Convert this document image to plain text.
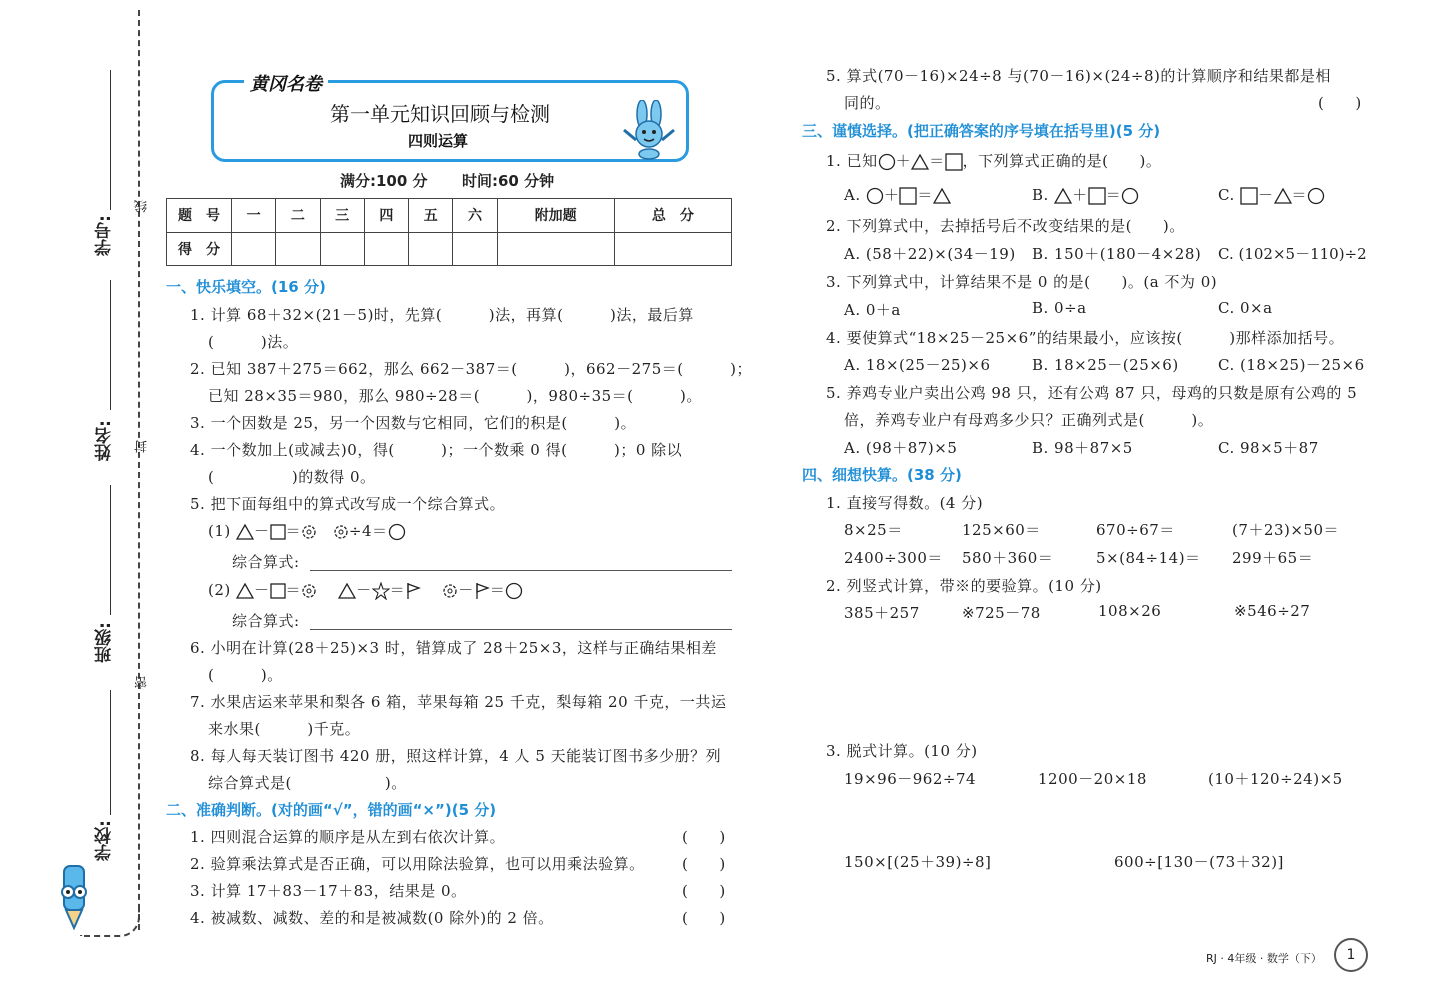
线
封
密
学号:
姓名:
班级:
学校:
黄冈名卷
第一单元知识回顾与检测
四则运算
满分:100 分 时间:60 分钟
题　号	一	二	三	四	五	六	附加题	总　分
得　分								
一、快乐填空。(16 分)
1. 计算 68＋32×(21－5)时，先算(　　　)法，再算(　　　)法，最后算
(　　　)法。
2. 已知 387＋275＝662，那么 662－387＝(　　　)，662－275＝(　　　)；
已知 28×35＝980，那么 980÷28＝(　　　)，980÷35＝(　　　)。
3. 一个因数是 25，另一个因数与它相同，它们的积是(　　　)。
4. 一个数加上(或减去)0，得(　　　)；一个数乘 0 得(　　　)；0 除以
(　　　　　)的数得 0。
5. 把下面每组中的算式改写成一个综合算式。
(1) － ＝	÷4＝
综合算式:
(2) － ＝	－ ＝	－ ＝
综合算式:
6. 小明在计算(28＋25)×3 时，错算成了 28＋25×3，这样与正确结果相差
(　　　)。
7. 水果店运来苹果和梨各 6 箱，苹果每箱 25 千克，梨每箱 20 千克，一共运
来水果(　　　)千克。
8. 每人每天装订图书 420 册，照这样计算，4 人 5 天能装订图书多少册？列
综合算式是(　　　　　　)。
二、准确判断。(对的画“√”，错的画“×”)(5 分)
1. 四则混合运算的顺序是从左到右依次计算。	(　　)
2. 验算乘法算式是否正确，可以用除法验算，也可以用乘法验算。 (　　)
3. 计算 17＋83－17＋83，结果是 0。	(　　)
4. 被减数、减数、差的和是被减数(0 除外)的 2 倍。	(　　)
5. 算式(70－16)×24÷8 与(70－16)×(24÷8)的计算顺序和结果都是相
同的。	(　　)
三、谨慎选择。(把正确答案的序号填在括号里)(5 分)
1. 已知 ＋ ＝ ，下列算式正确的是(　　)。
A. ＋ ＝	B. ＋ ＝	C. － ＝
2. 下列算式中，去掉括号后不改变结果的是(　　)。
A. (58＋22)×(34－19) B. 150＋(180－4×28) C. (102×5－110)÷2
3. 下列算式中，计算结果不是 0 的是(　　)。(a 不为 0)
A. 0＋a	B. 0÷a	C. 0×a
4. 要使算式“18×25－25×6”的结果最小，应该按(　　　)那样添加括号。
A. 18×(25－25)×6	B. 18×25－(25×6)	C. (18×25)－25×6
5. 养鸡专业户卖出公鸡 98 只，还有公鸡 87 只，母鸡的只数是原有公鸡的 5
倍，养鸡专业户有母鸡多少只？正确列式是(　　　)。
A. (98＋87)×5	B. 98＋87×5	C. 98×5＋87
四、细想快算。(38 分)
1. 直接写得数。(4 分)
8×25＝	125×60＝	670÷67＝	(7＋23)×50＝
2400÷300＝ 580＋360＝	5×(84÷14)＝ 299＋65＝
2. 列竖式计算，带※的要验算。(10 分)
385＋257	※725－78	108×26	※546÷27
3. 脱式计算。(10 分)
19×96－962÷74	1200－20×18	(10＋120÷24)×5
150×[(25＋39)÷8]	600÷[130－(73＋32)]
RJ · 4年级 · 数学（下）	1
